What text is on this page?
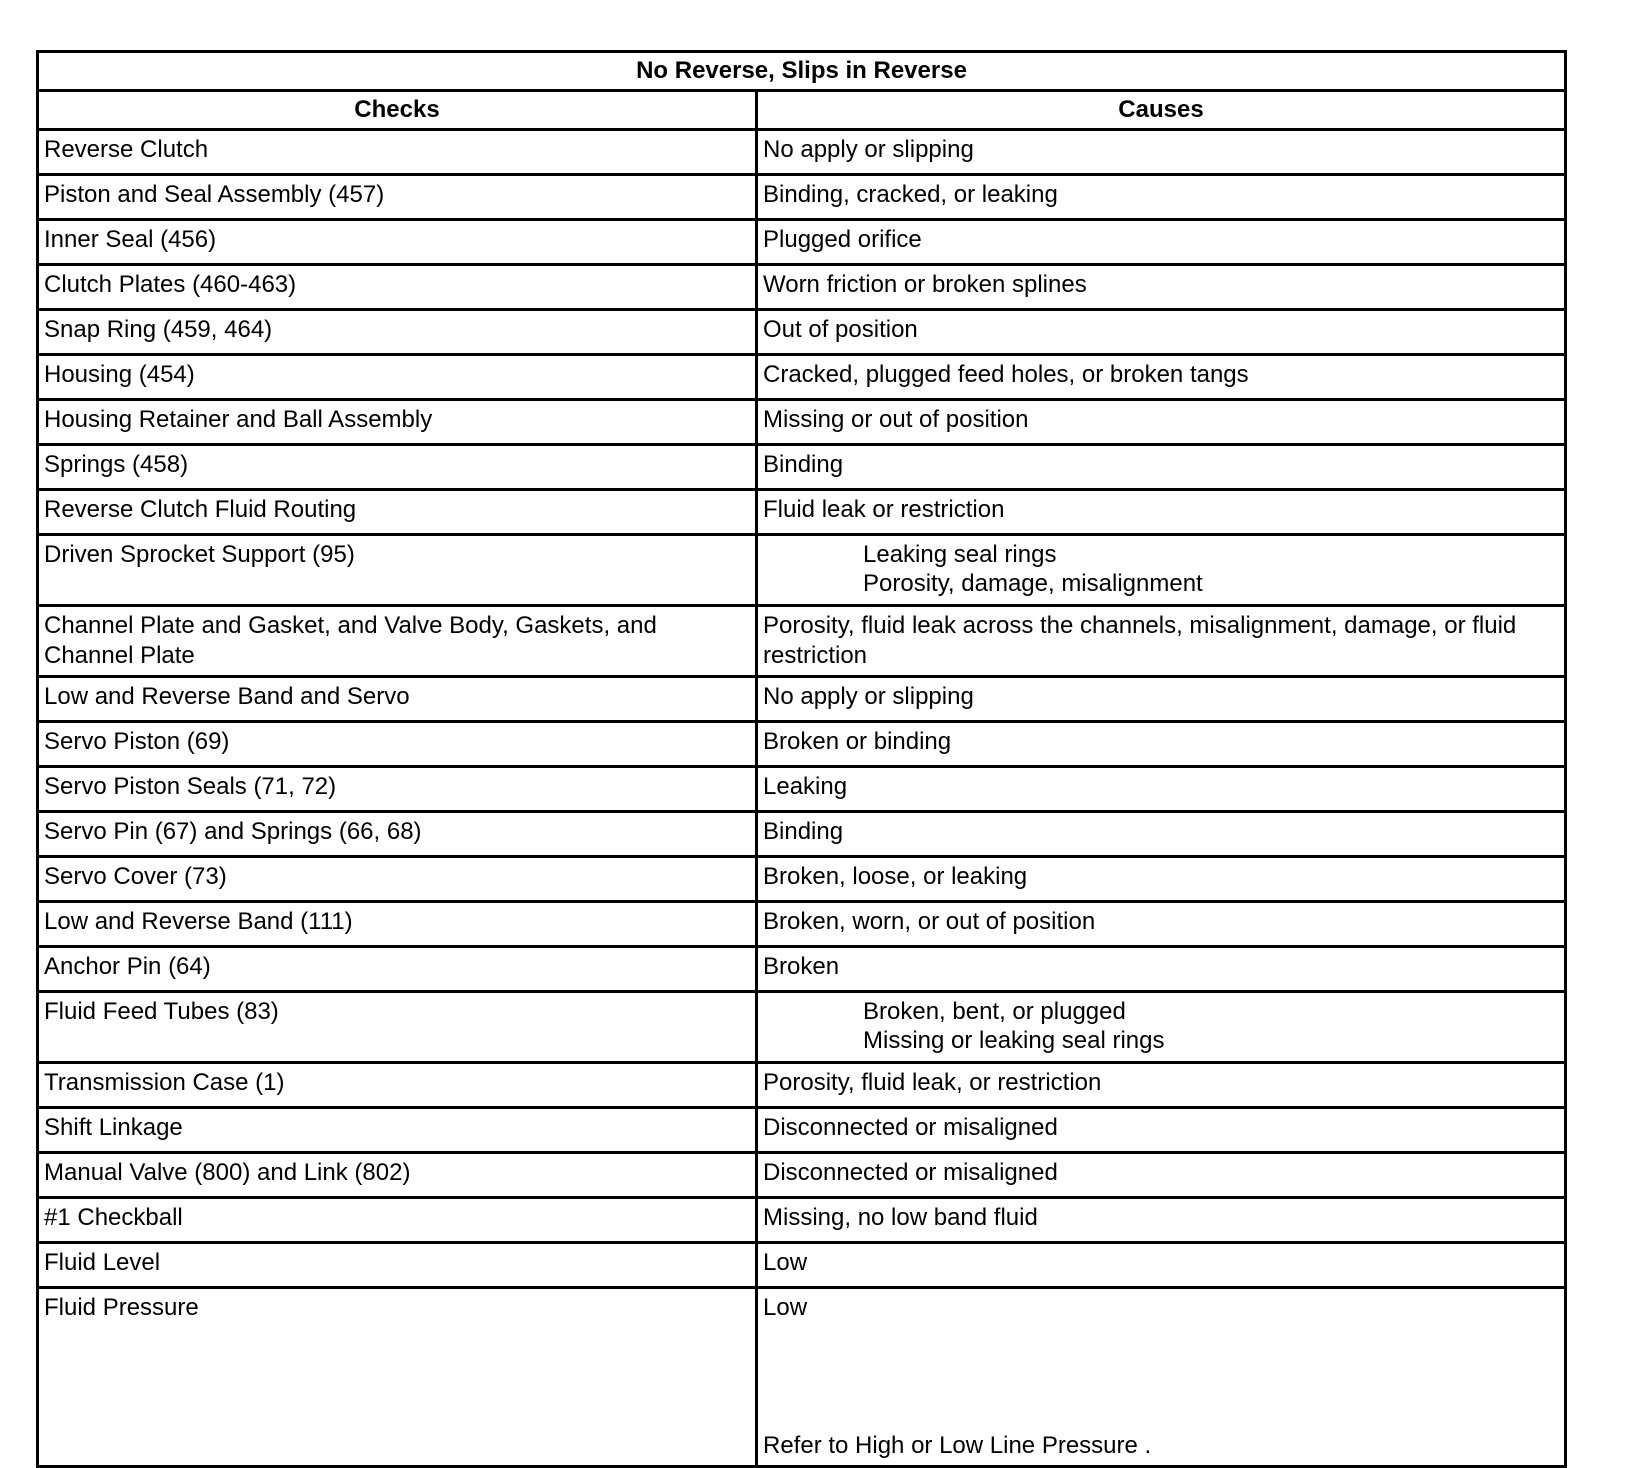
No Reverse, Slips in Reverse	
Checks	Causes
Reverse Clutch	No apply or slipping
Piston and Seal Assembly (457)	Binding, cracked, or leaking
Inner Seal (456)	Plugged orifice
Clutch Plates (460-463)	Worn friction or broken splines
Snap Ring (459, 464)	Out of position
Housing (454)	Cracked, plugged feed holes, or broken tangs
Housing Retainer and Ball Assembly	Missing or out of position
Springs (458)	Binding
Reverse Clutch Fluid Routing	Fluid leak or restriction
Driven Sprocket Support (95)	Leaking seal rings
Porosity, damage, misalignment

Channel Plate and Gasket, and Valve Body, Gaskets, and Channel Plate	Porosity, fluid leak across the channels, misalignment, damage, or fluid restriction
Low and Reverse Band and Servo	No apply or slipping
Servo Piston (69)	Broken or binding
Servo Piston Seals (71, 72)	Leaking
Servo Pin (67) and Springs (66, 68)	Binding
Servo Cover (73)	Broken, loose, or leaking
Low and Reverse Band (111)	Broken, worn, or out of position
Anchor Pin (64)	Broken
Fluid Feed Tubes (83)	Broken, bent, or plugged
Missing or leaking seal rings

Transmission Case (1)	Porosity, fluid leak, or restriction
Shift Linkage	Disconnected or misaligned
Manual Valve (800) and Link (802)	Disconnected or misaligned
#1 Checkball	Missing, no low band fluid
Fluid Level	Low
Fluid Pressure	Low
Refer to High or Low Line Pressure .
